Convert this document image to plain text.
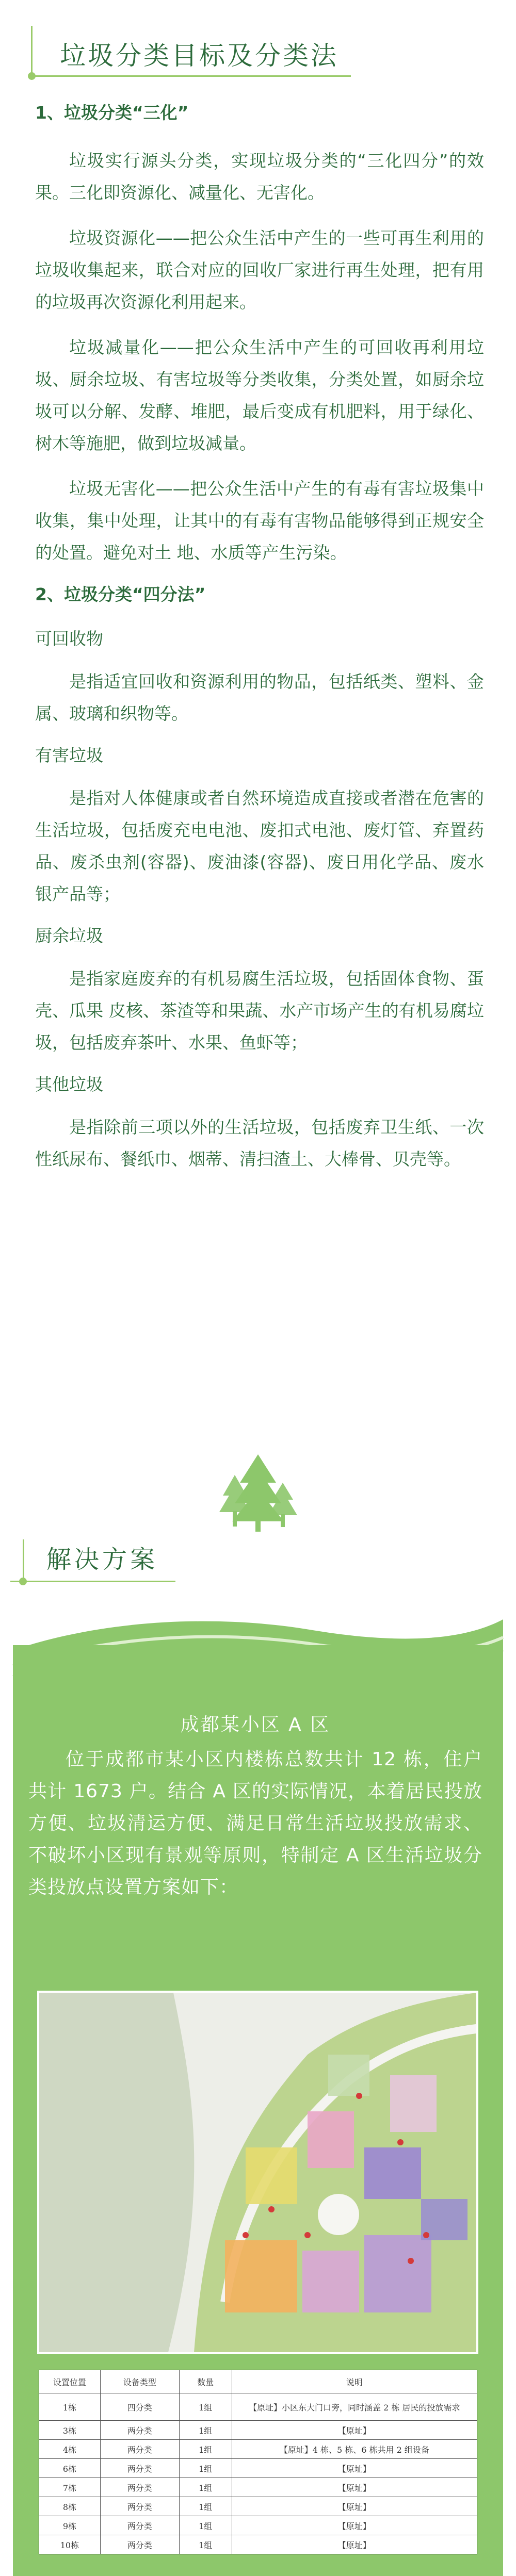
垃圾分类目标及分类法
1、垃圾分类“三化”

垃圾实行源头分类，实现垃圾分类的“三化四分”的效果。三化即资源化、减量化、无害化。

垃圾资源化——把公众生活中产生的一些可再生利用的垃圾收集起来，联合对应的回收厂家进行再生处理，把有用的垃圾再次资源化利用起来。

垃圾减量化——把公众生活中产生的可回收再利用垃圾、厨余垃圾、有害垃圾等分类收集，分类处置，如厨余垃圾可以分解、发酵、堆肥，最后变成有机肥料，用于绿化、树木等施肥，做到垃圾减量。

垃圾无害化——把公众生活中产生的有毒有害垃圾集中收集，集中处理，让其中的有毒有害物品能够得到正规安全的处置。避免对土 地、水质等产生污染。

2、垃圾分类“四分法”
可回收物

是指适宜回收和资源利用的物品，包括纸类、塑料、金属、玻璃和织物等。

有害垃圾

是指对人体健康或者自然环境造成直接或者潜在危害的生活垃圾，包括废充电电池、废扣式电池、废灯管、弃置药品、废杀虫剂(容器)、废油漆(容器)、废日用化学品、废水银产品等；

厨余垃圾

是指家庭废弃的有机易腐生活垃圾，包括固体食物、蛋壳、瓜果 皮核、茶渣等和果蔬、水产市场产生的有机易腐垃圾，包括废弃茶叶、水果、鱼虾等；

其他垃圾

是指除前三项以外的生活垃圾，包括废弃卫生纸、一次性纸尿布、餐纸巾、烟蒂、清扫渣土、大棒骨、贝壳等。

解决方案
成都某小区 A 区

位于成都市某小区内楼栋总数共计 12 栋，住户共计 1673 户。结合 A 区的实际情况，本着居民投放方便、垃圾清运方便、满足日常生活垃圾投放需求、 不破坏小区现有景观等原则，特制定 A 区生活垃圾分类投放点设置方案如下：

设置位置	设备类型	数量	说明
1栋	四分类	1组	【原址】小区东大门口旁，同时涵盖 2 栋 居民的投放需求
3栋	两分类	1组	【原址】
4栋	两分类	1组	【原址】4 栋、5 栋、6 栋共用 2 组设备
6栋	两分类	1组	【原址】
7栋	两分类	1组	【原址】
8栋	两分类	1组	【原址】
9栋	两分类	1组	【原址】
10栋	两分类	1组	【原址】
